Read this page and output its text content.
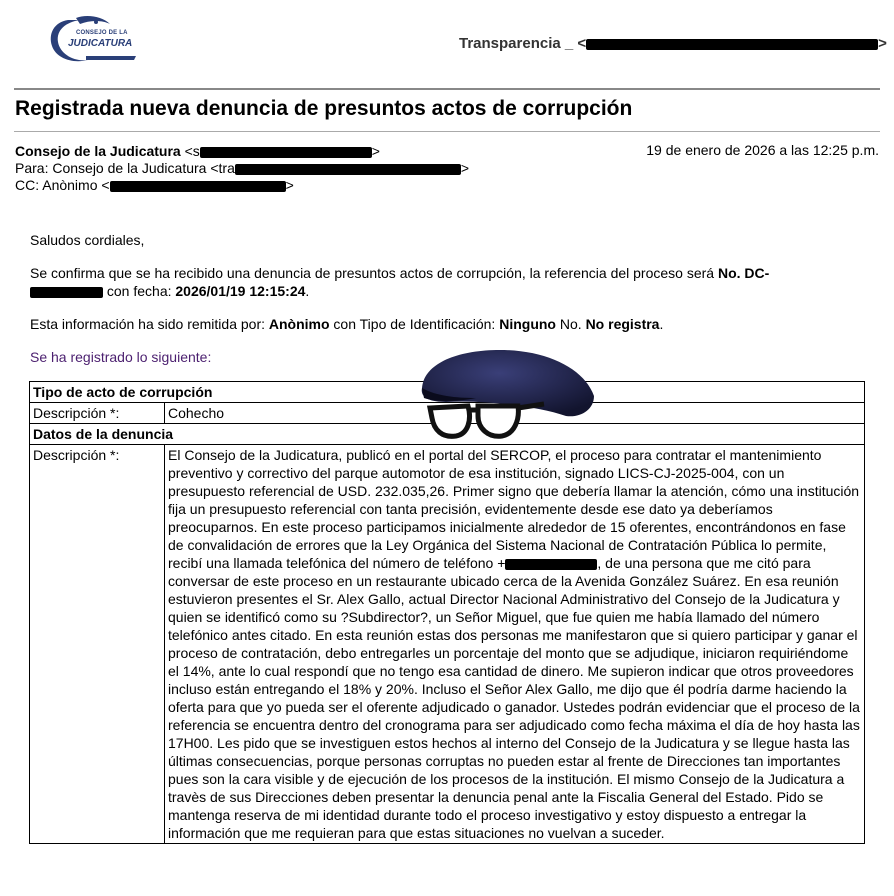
CONSEJO DE LA
JUDICATURA	Transparencia _ <	>
Registrada nueva denuncia de presuntos actos de corrupción
Consejo de la Judicatura <s	>	19 de enero de 2026 a las 12:25 p.m.
Para: Consejo de la Judicatura <tra	>
CC: Anònimo <	>
Saludos cordiales,
Se confirma que se ha recibido una denuncia de presuntos actos de corrupción, la referencia del proceso será No. DC-
con fecha: 2026/01/19 12:15:24.
Esta información ha sido remitida por: Anònimo con Tipo de Identificación: Ninguno No. No registra.
Se ha registrado lo siguiente:
Tipo de acto de corrupción	
Descripción *:	Cohecho
Datos de la denuncia	
Descripción *:	El Consejo de la Judicatura, publicó en el portal del SERCOP, el proceso para contratar el mantenimiento preventivo y correctivo del parque automotor de esa institución, signado LICS-CJ-2025-004, con un presupuesto referencial de USD. 232.035,26. Primer signo que debería llamar la atención, cómo una institución fija un presupuesto referencial con tanta precisión, evidentemente desde ese dato ya deberíamos preocuparnos. En este proceso participamos inicialmente alrededor de 15 oferentes, encontrándonos en fase de convalidación de errores que la Ley Orgánica del Sistema Nacional de Contratación Pública lo permite, recibí una llamada telefónica del número de teléfono + , de una persona que me citó para conversar de este proceso en un restaurante ubicado cerca de la Avenida González Suárez. En esa reunión estuvieron presentes el Sr. Alex Gallo, actual Director Nacional Administrativo del Consejo de la Judicatura y quien se identificó como su ?Subdirector?, un Señor Miguel, que fue quien me había llamado del número telefónico antes citado. En esta reunión estas dos personas me manifestaron que si quiero participar y ganar el proceso de contratación, debo entregarles un porcentaje del monto que se adjudique, iniciaron requiriéndome el 14%, ante lo cual respondí que no tengo esa cantidad de dinero. Me supieron indicar que otros proveedores incluso están entregando el 18% y 20%. Incluso el Señor Alex Gallo, me dijo que él podría darme haciendo la oferta para que yo pueda ser el oferente adjudicado o ganador. Ustedes podrán evidenciar que el proceso de la referencia se encuentra dentro del cronograma para ser adjudicado como fecha máxima el día de hoy hasta las 17H00. Les pido que se investiguen estos hechos al interno del Consejo de la Judicatura y se llegue hasta las últimas consecuencias, porque personas corruptas no pueden estar al frente de Direcciones tan importantes pues son la cara visible y de ejecución de los procesos de la institución. El mismo Consejo de la Judicatura a travès de sus Direcciones deben presentar la denuncia penal ante la Fiscalia General del Estado. Pido se mantenga reserva de mi identidad durante todo el proceso investigativo y estoy dispuesto a entregar la información que me requieran para que estas situaciones no vuelvan a suceder.
